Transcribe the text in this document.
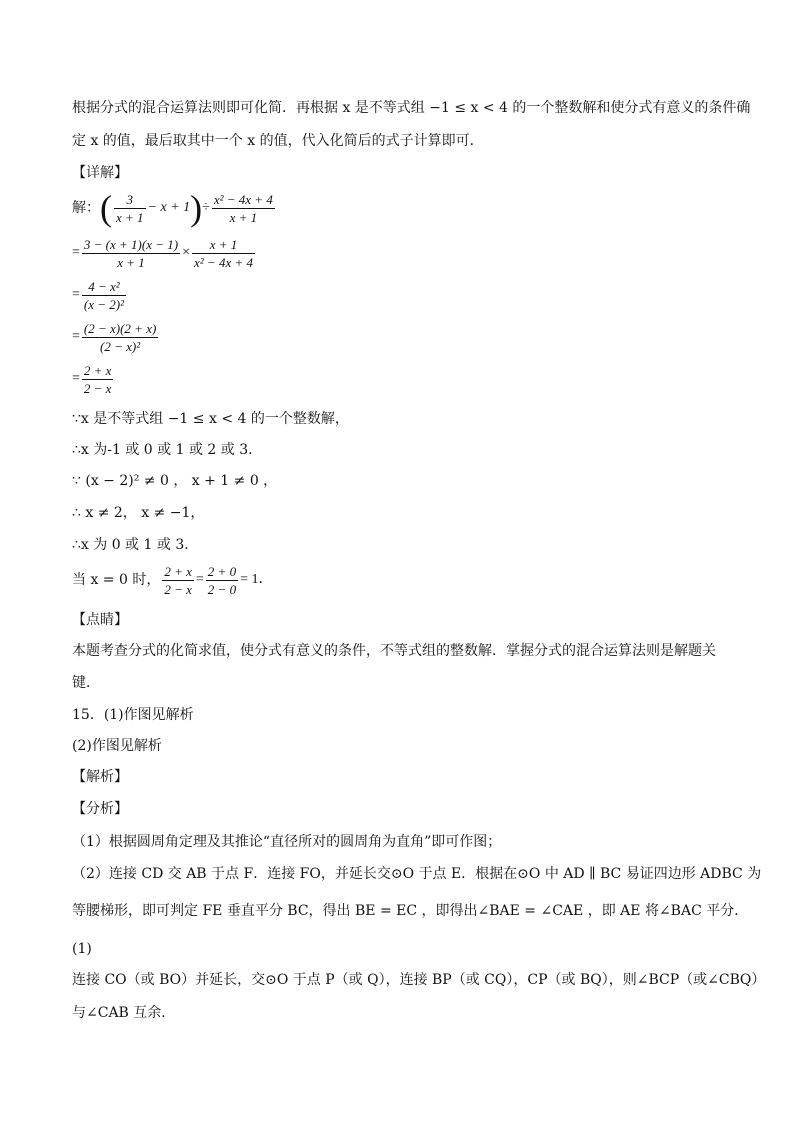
根据分式的混合运算法则即可化简．再根据 x 是不等式组 −1 ≤ x < 4 的一个整数解和使分式有意义的条件确
定 x 的值，最后取其中一个 x 的值，代入化简后的式子计算即可．
【详解】
解： ( $\frac{3}{x + 1} - x + 1$ ) ÷ $\frac{\text{x² − 4x + 4}}{x + 1}$
= $\frac{3 - (x + 1)(x - 1)}{x + 1} \times \frac{x + 1}{\text{x² − 4x + 4}}$
= $\frac{\text{4 − x²}}{\text{(x − 2)²}}$
= $\frac{(2 - x)(2 + x)}{\text{(2 − x)²}}$
= $\frac{2 + x}{2 - x}$
∵x 是不等式组 −1 ≤ x < 4 的一个整数解，
∴x 为-1 或 0 或 1 或 2 或 3．
∵ (x − 2)² ≠ 0 ， x + 1 ≠ 0 ，
∴ x ≠ 2， x ≠ −1，
∴x 为 0 或 1 或 3．
当 x = 0 时， $\frac{2 + x}{2 - x} = \frac{2 + 0}{2 - 0} = 1$．
【点睛】
本题考查分式的化简求值，使分式有意义的条件，不等式组的整数解．掌握分式的混合运算法则是解题关
键．
15．(1)作图见解析
(2)作图见解析
【解析】
【分析】
（1）根据圆周角定理及其推论“直径所对的圆周角为直角”即可作图；
（2）连接 CD 交 AB 于点 F．连接 FO，并延长交⊙O 于点 E．根据在⊙O 中 AD ∥ BC 易证四边形 ADBC 为
等腰梯形，即可判定 FE 垂直平分 BC，得出 BE = EC ，即得出∠BAE = ∠CAE ，即 AE 将∠BAC 平分．
(1)
连接 CO（或 BO）并延长，交⊙O 于点 P（或 Q），连接 BP（或 CQ），CP（或 BQ），则∠BCP（或∠CBQ）
与∠CAB 互余．
